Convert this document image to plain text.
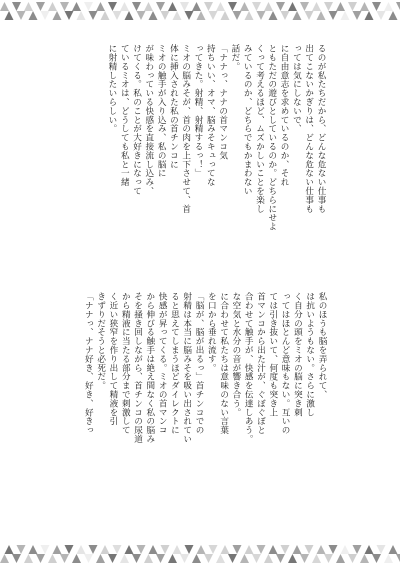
るのが私たちだから、どんな危ない仕事も
出てこないかぎりは、どんな危ない仕事も
っては気にしないで、
に自由意志を求めているのか、それ
ともただの遊びとしているのか。どちらにせよ
くって考えるほど、ムズかしいことを楽し
みているのか、どちらでもかまわない
話だ。
「ナナっ、ナナの首マンコ気
持ちいい、オマ、脳みそキュってな
ってきた。射精、射精するっ！」
ミオの脳みそが、首の肉を上下させて、首
体に挿入された私の首チンコに
ミオの触手が入り込み、私の脳に
が味わっている快感を直接流し込み、
けてくる。私のことが大好きになって
ているミオは、どうしても私と一緒
に射精したいらしい。
私のほうも脳を弄られて、
は抗いようもない。さらに激し
く自分の頭をミオの脳に突き刺
ってはほとんど意味もない。互いの
ては引き抜いて、何度も突き上
首マンコから出た汁が、ぐぼぐぼと
合わせて触手が、快感を伝達しあう。
な空気と水分の音が響き合う。
に合わせて私たちは意味のない言葉
を口から垂れ流す。
「脳が、脳が出るっ」首チンコでの
射精は本当に脳みそを吸い出されてい
ると思えてしまうほどダイレクトに
快感が昇ってくる。ミオの首マンコ
から伸びる触手は絶え間なく私の脳み
そを掻き回しながら、首チンコの尿道
から精液に当たる部分まで刺激して
く近い狭窄を作り出して精液を引
きずりだそうと必死だ。
「ナナっ、ナナ好き、好き、好きっ
